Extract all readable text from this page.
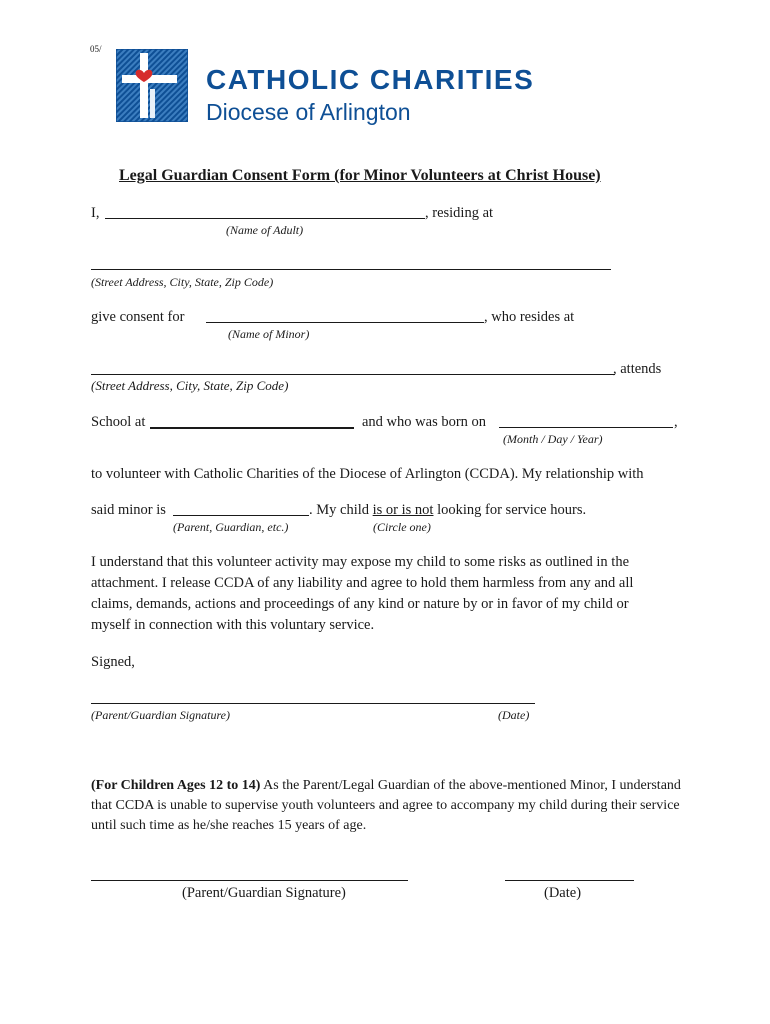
05/
CATHOLIC CHARITIES
Diocese of Arlington
Legal Guardian Consent Form (for Minor Volunteers at Christ House)
I,	, residing at
(Name of Adult)
(Street Address, City, State, Zip Code)
give consent for	, who resides at
(Name of Minor)
, attends
(Street Address, City, State, Zip Code)
School at	and who was born on	,
(Month / Day / Year)
to volunteer with Catholic Charities of the Diocese of Arlington (CCDA). My relationship with
said minor is	. My child is or is not looking for service hours.
(Parent, Guardian, etc.)	(Circle one)
I understand that this volunteer activity may expose my child to some risks as outlined in the attachment. I release CCDA of any liability and agree to hold them harmless from any and all claims, demands, actions and proceedings of any kind or nature by or in favor of my child or myself in connection with this voluntary service.
Signed,
(Parent/Guardian Signature)	(Date)
(For Children Ages 12 to 14) As the Parent/Legal Guardian of the above-mentioned Minor, I understand that CCDA is unable to supervise youth volunteers and agree to accompany my child during their service until such time as he/she reaches 15 years of age.
(Parent/Guardian Signature)	(Date)
